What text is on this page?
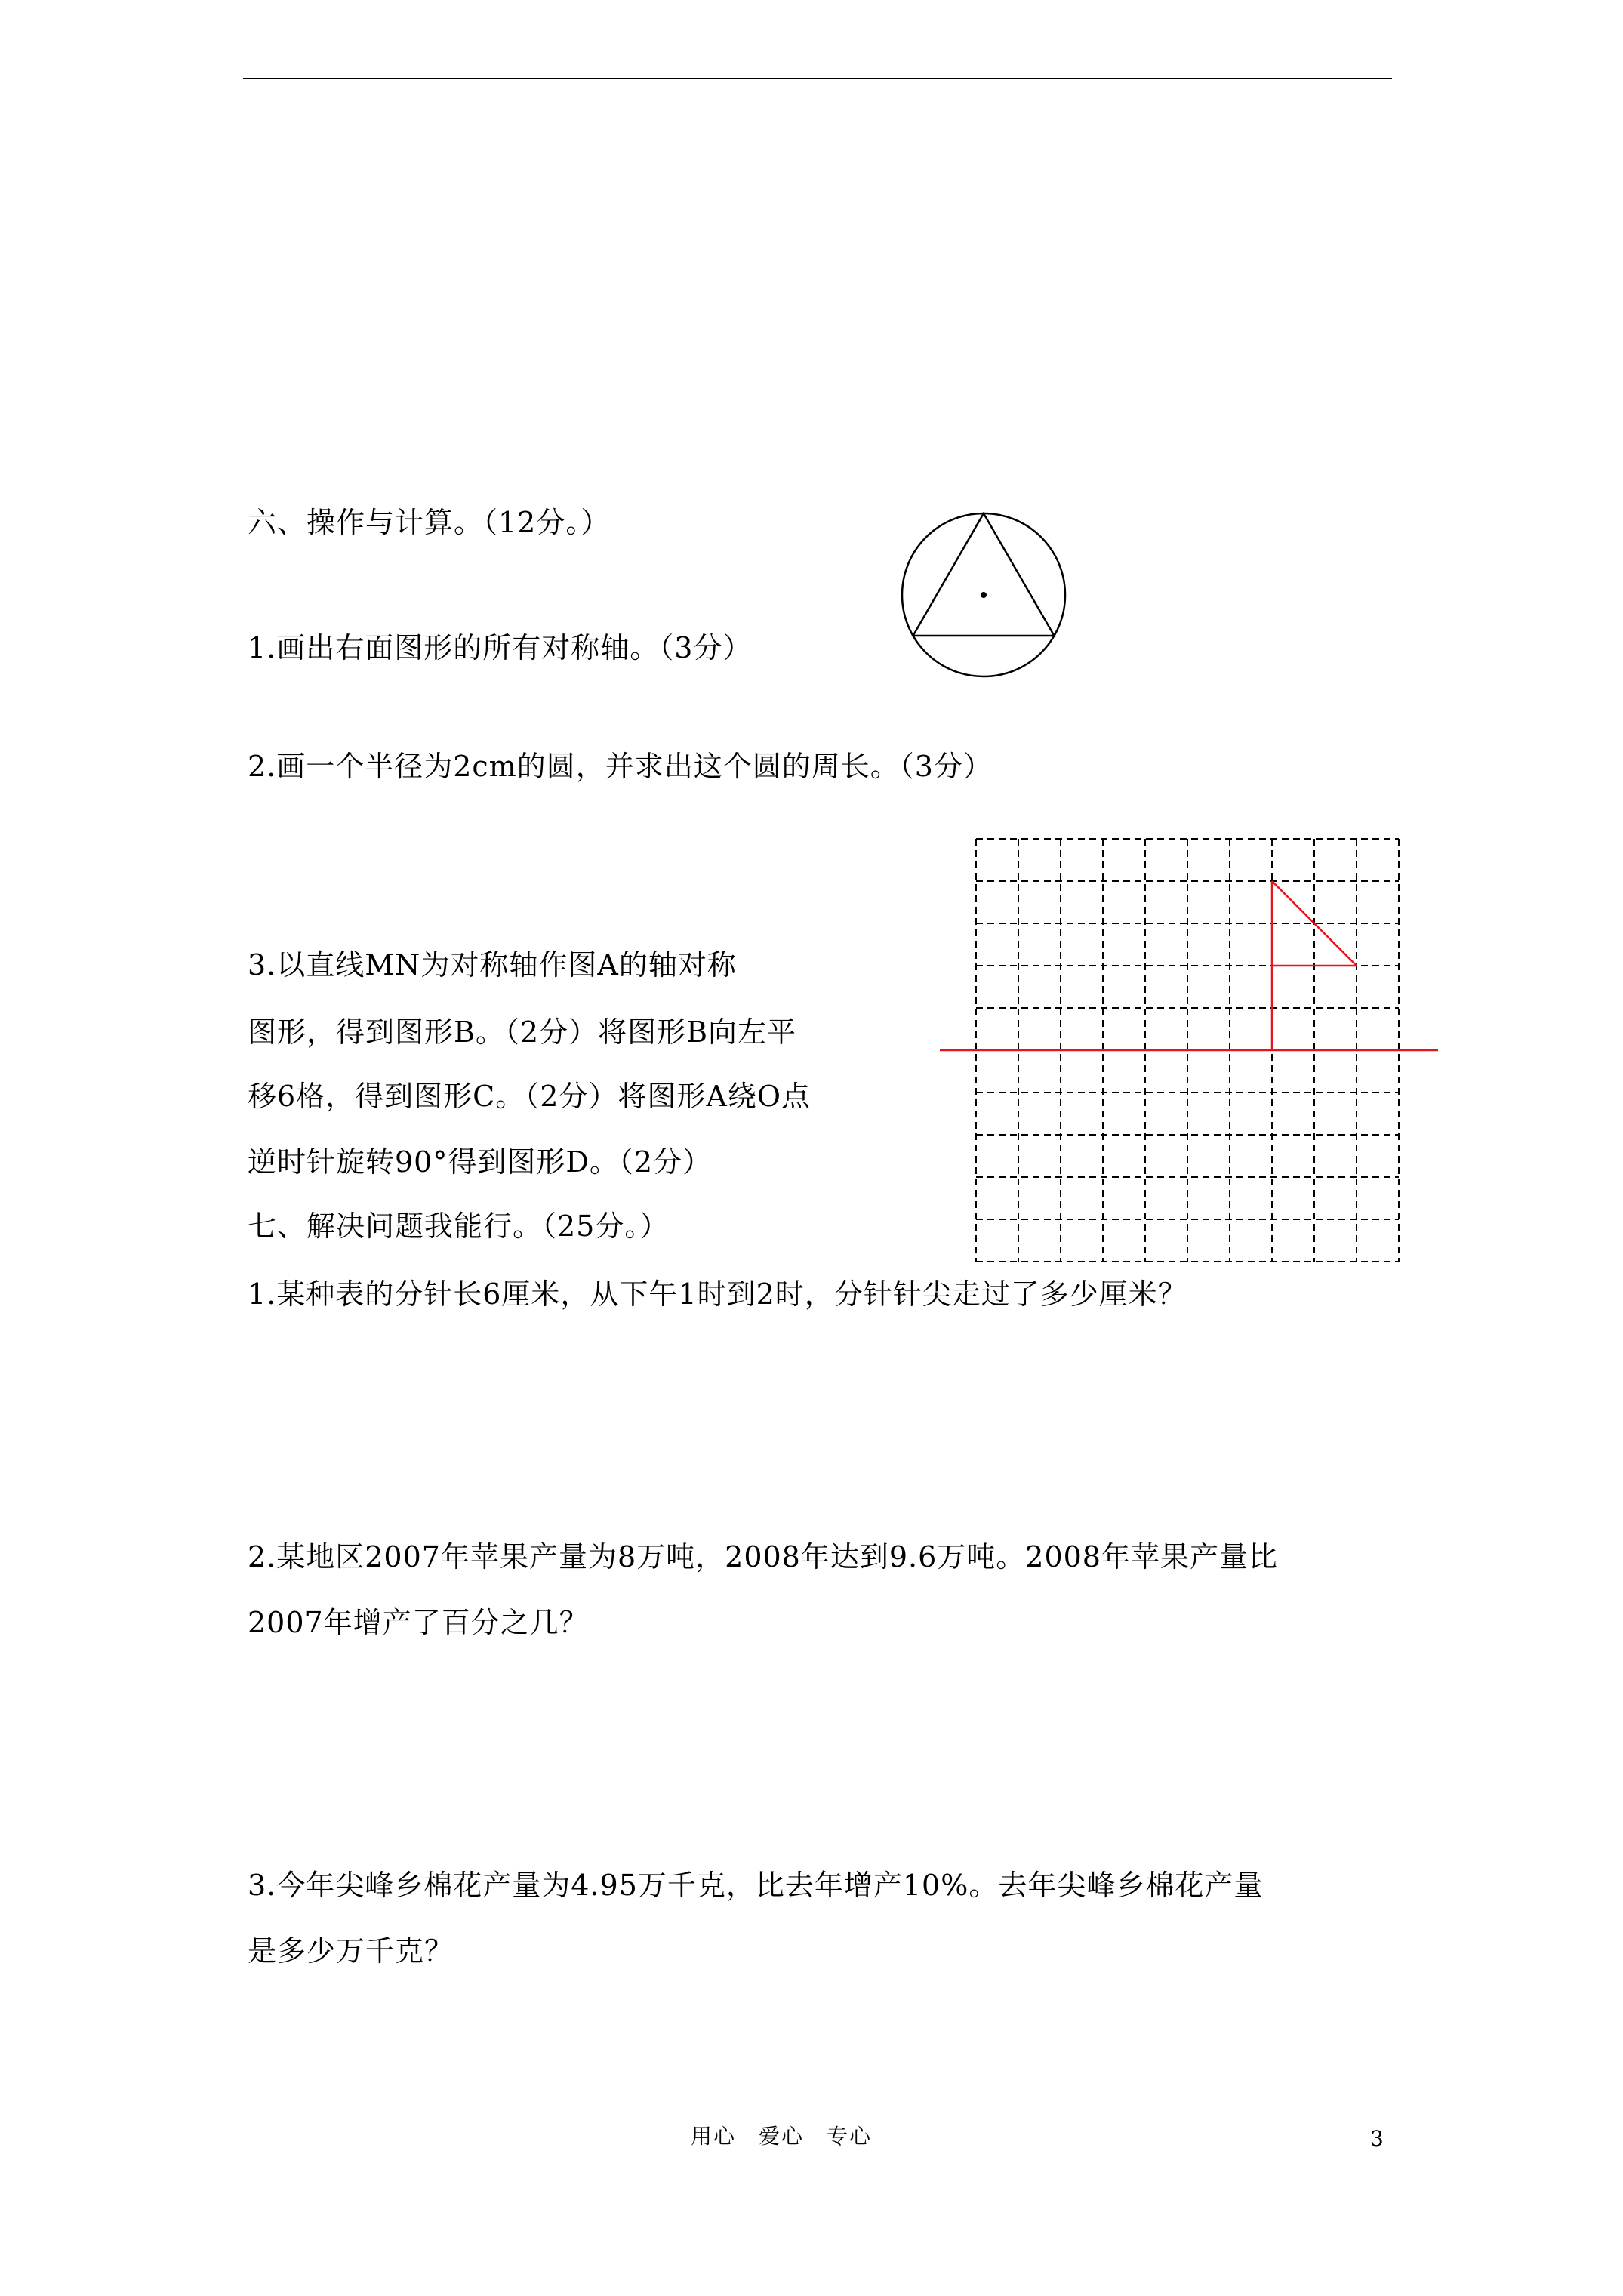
六、操作与计算。（12分。）
1.画出右面图形的所有对称轴。（3分）
2.画一个半径为2cm的圆，并求出这个圆的周长。（3分）
3.以直线MN为对称轴作图A的轴对称
图形，得到图形B。（2分）将图形B向左平
移6格，得到图形C。（2分）将图形A绕O点
逆时针旋转90°得到图形D。（2分）
七、解决问题我能行。（25分。）
1.某种表的分针长6厘米，从下午1时到2时，分针针尖走过了多少厘米？
2.某地区2007年苹果产量为8万吨，2008年达到9.6万吨。2008年苹果产量比
2007年增产了百分之几？
3.今年尖峰乡棉花产量为4.95万千克，比去年增产10%。去年尖峰乡棉花产量
是多少万千克？
用心　爱心　专心	3
